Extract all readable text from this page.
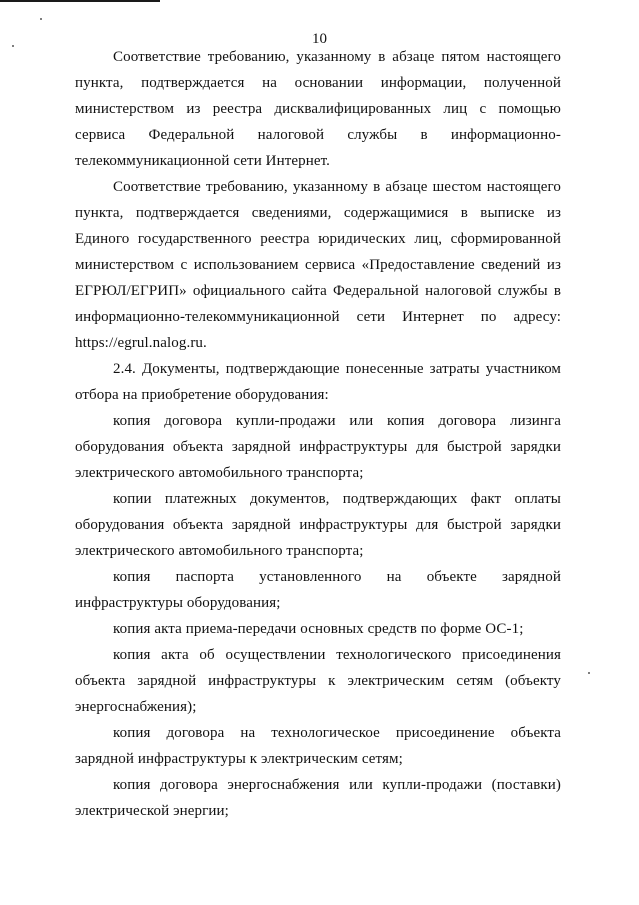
10

Соответствие требованию, указанному в абзаце пятом настоящего пункта, подтверждается на основании информации, полученной министерством из реестра дисквалифицированных лиц с помощью сервиса Федеральной налоговой службы в информационно-телекоммуникационной сети Интернет.

Соответствие требованию, указанному в абзаце шестом настоящего пункта, подтверждается сведениями, содержащимися в выписке из Единого государственного реестра юридических лиц, сформированной министерством с использованием сервиса «Предоставление сведений из ЕГРЮЛ/ЕГРИП» официального сайта Федеральной налоговой службы в информационно-телекоммуникационной сети Интернет по адресу: https://egrul.nalog.ru.

2.4. Документы, подтверждающие понесенные затраты участником отбора на приобретение оборудования:

копия договора купли-продажи или копия договора лизинга оборудования объекта зарядной инфраструктуры для быстрой зарядки электрического автомобильного транспорта;

копии платежных документов, подтверждающих факт оплаты оборудования объекта зарядной инфраструктуры для быстрой зарядки электрического автомобильного транспорта;

копия паспорта установленного на объекте зарядной инфраструктуры оборудования;

копия акта приема-передачи основных средств по форме ОС-1;

копия акта об осуществлении технологического присоединения объекта зарядной инфраструктуры к электрическим сетям (объекту энергоснабжения);

копия договора на технологическое присоединение объекта зарядной инфраструктуры к электрическим сетям;

копия договора энергоснабжения или купли-продажи (поставки) электрической энергии;
